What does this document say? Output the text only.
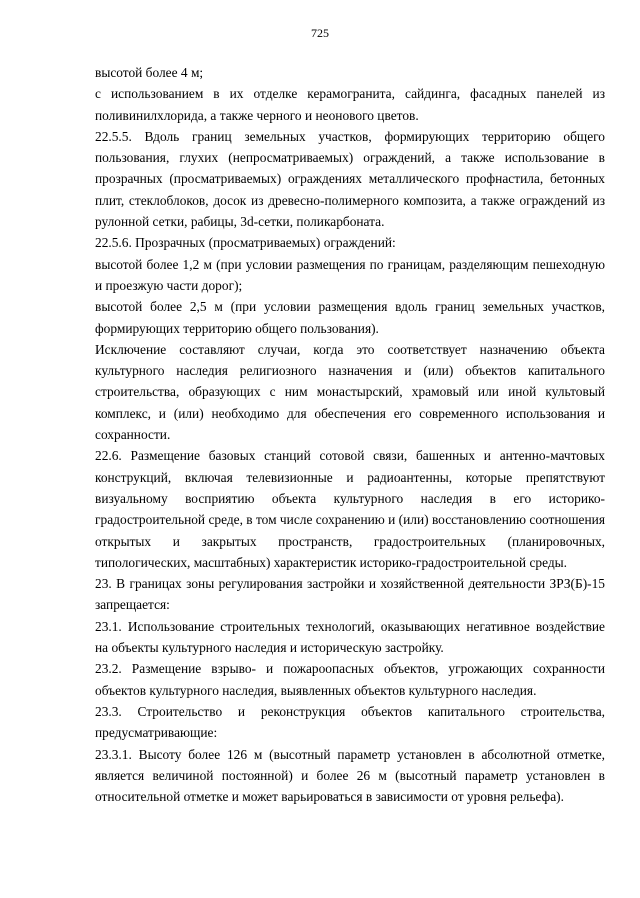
725

высотой более 4 м;

с использованием в их отделке керамогранита, сайдинга, фасадных панелей из поливинилхлорида, а также черного и неонового цветов.

22.5.5. Вдоль границ земельных участков, формирующих территорию общего пользования, глухих (непросматриваемых) ограждений, а также использование в прозрачных (просматриваемых) ограждениях металлического профнастила, бетонных плит, стеклоблоков, досок из древесно-полимерного композита, а также ограждений из рулонной сетки, рабицы, 3d-сетки, поликарбоната.

22.5.6. Прозрачных (просматриваемых) ограждений:

высотой более 1,2 м (при условии размещения по границам, разделяющим пешеходную и проезжую части дорог);

высотой более 2,5 м (при условии размещения вдоль границ земельных участков, формирующих территорию общего пользования).

Исключение составляют случаи, когда это соответствует назначению объекта культурного наследия религиозного назначения и (или) объектов капитального строительства, образующих с ним монастырский, храмовый или иной культовый комплекс, и (или) необходимо для обеспечения его современного использования и сохранности.

22.6. Размещение базовых станций сотовой связи, башенных и антенно-мачтовых конструкций, включая телевизионные и радиоантенны, которые препятствуют визуальному восприятию объекта культурного наследия в его историко-градостроительной среде, в том числе сохранению и (или) восстановлению соотношения открытых и закрытых пространств, градостроительных (планировочных, типологических, масштабных) характеристик историко-градостроительной среды.

23. В границах зоны регулирования застройки и хозяйственной деятельности ЗРЗ(Б)-15 запрещается:

23.1. Использование строительных технологий, оказывающих негативное воздействие на объекты культурного наследия и историческую застройку.

23.2. Размещение взрыво- и пожароопасных объектов, угрожающих сохранности объектов культурного наследия, выявленных объектов культурного наследия.

23.3. Строительство и реконструкция объектов капитального строительства, предусматривающие:

23.3.1. Высоту более 126 м (высотный параметр установлен в абсолютной отметке, является величиной постоянной) и более 26 м (высотный параметр установлен в относительной отметке и может варьироваться в зависимости от уровня рельефа).
